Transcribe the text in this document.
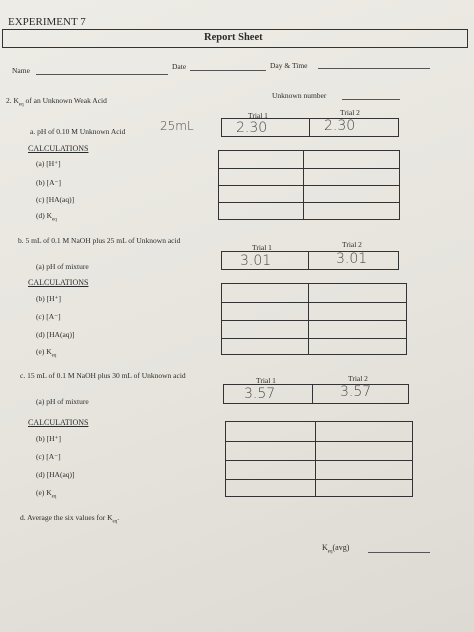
EXPERIMENT 7
Report Sheet
Name	Date	Day & Time
2. $K_{eq}$ of an Unknown Weak Acid
Unknown number
Trial 1	Trial 2
a. pH of 0.10 M Unknown Acid	25mL	2.30	2.30
CALCULATIONS
(a) [H⁺]
(b) [A⁻]
(c) [HA(aq)]
(d) $K_{eq}$
b. 5 mL of 0.1 M NaOH plus 25 mL of Unknown acid
Trial 1	Trial 2
(a) pH of mixture	3.01	3.01
CALCULATIONS
(b) [H⁺]
(c) [A⁻]
(d) [HA(aq)]
(e) $K_{eq}$
c. 15 mL of 0.1 M NaOH plus 30 mL of Unknown acid
Trial 1	Trial 2
(a) pH of mixture	3.57	3.57
CALCULATIONS
(b) [H⁺]
(c) [A⁻]
(d) [HA(aq)]
(e) $K_{eq}$
d. Average the six values for $K_{eq}$.
$K_{eq}(avg)$
